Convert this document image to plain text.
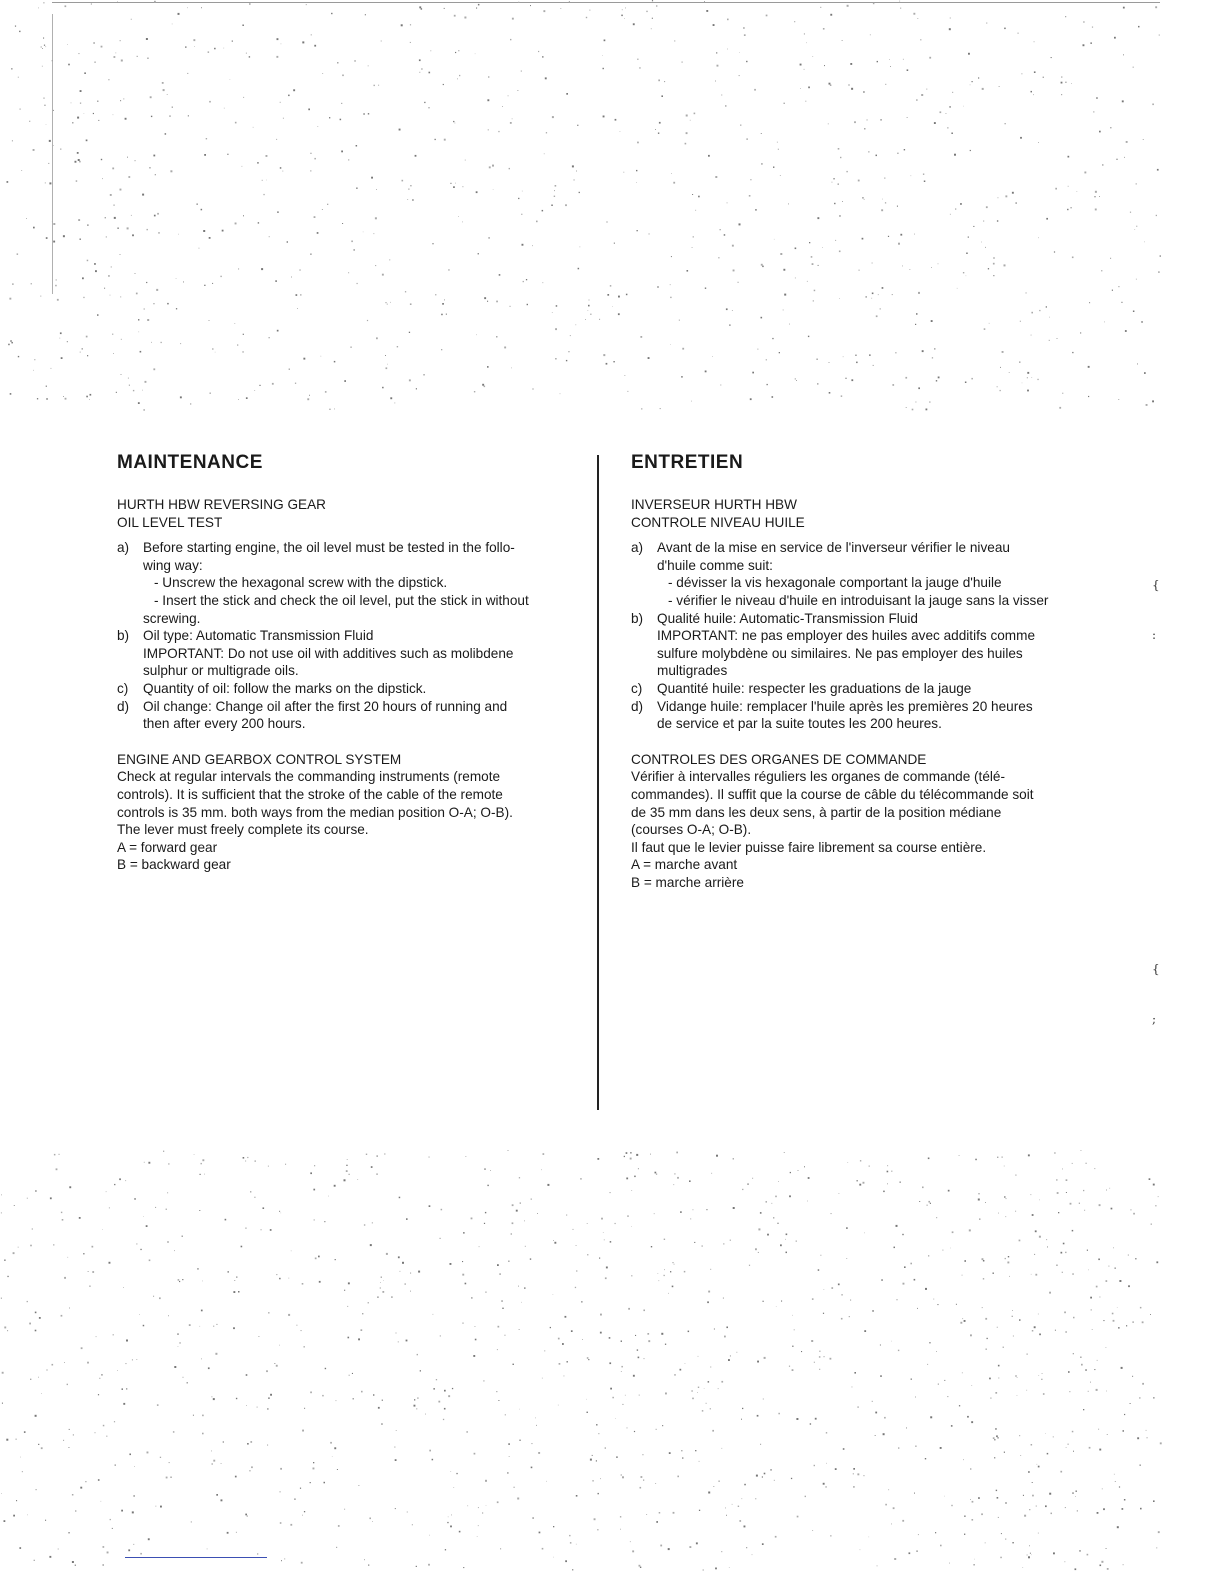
MAINTENANCE
HURTH HBW REVERSING GEAR
OIL LEVEL TEST
a) Before starting engine, the oil level must be tested in the follo-
wing way:
- Unscrew the hexagonal screw with the dipstick.
- Insert the stick and check the oil level, put the stick in without
screwing.
b) Oil type: Automatic Transmission Fluid
IMPORTANT: Do not use oil with additives such as molibdene
sulphur or multigrade oils.
c) Quantity of oil: follow the marks on the dipstick.
d) Oil change: Change oil after the first 20 hours of running and
then after every 200 hours.
ENGINE AND GEARBOX CONTROL SYSTEM
Check at regular intervals the commanding instruments (remote
controls). It is sufficient that the stroke of the cable of the remote
controls is 35 mm. both ways from the median position O-A; O-B).
The lever must freely complete its course.
A = forward gear
B = backward gear
ENTRETIEN
INVERSEUR HURTH HBW
CONTROLE NIVEAU HUILE
a) Avant de la mise en service de l'inverseur vérifier le niveau
d'huile comme suit:
- dévisser la vis hexagonale comportant la jauge d'huile
- vérifier le niveau d'huile en introduisant la jauge sans la visser
b) Qualité huile: Automatic-Transmission Fluid
IMPORTANT: ne pas employer des huiles avec additifs comme
sulfure molybdène ou similaires. Ne pas employer des huiles
multigrades
c) Quantité huile: respecter les graduations de la jauge
d) Vidange huile: remplacer l'huile après les premières 20 heures
de service et par la suite toutes les 200 heures.
CONTROLES DES ORGANES DE COMMANDE
Vérifier à intervalles réguliers les organes de commande (télé-
commandes). Il suffit que la course de câble du télécommande soit
de 35 mm dans les deux sens, à partir de la position médiane
(courses O-A; O-B).
Il faut que le levier puisse faire librement sa course entière.
A = marche avant
B = marche arrière
{
:
{
;
